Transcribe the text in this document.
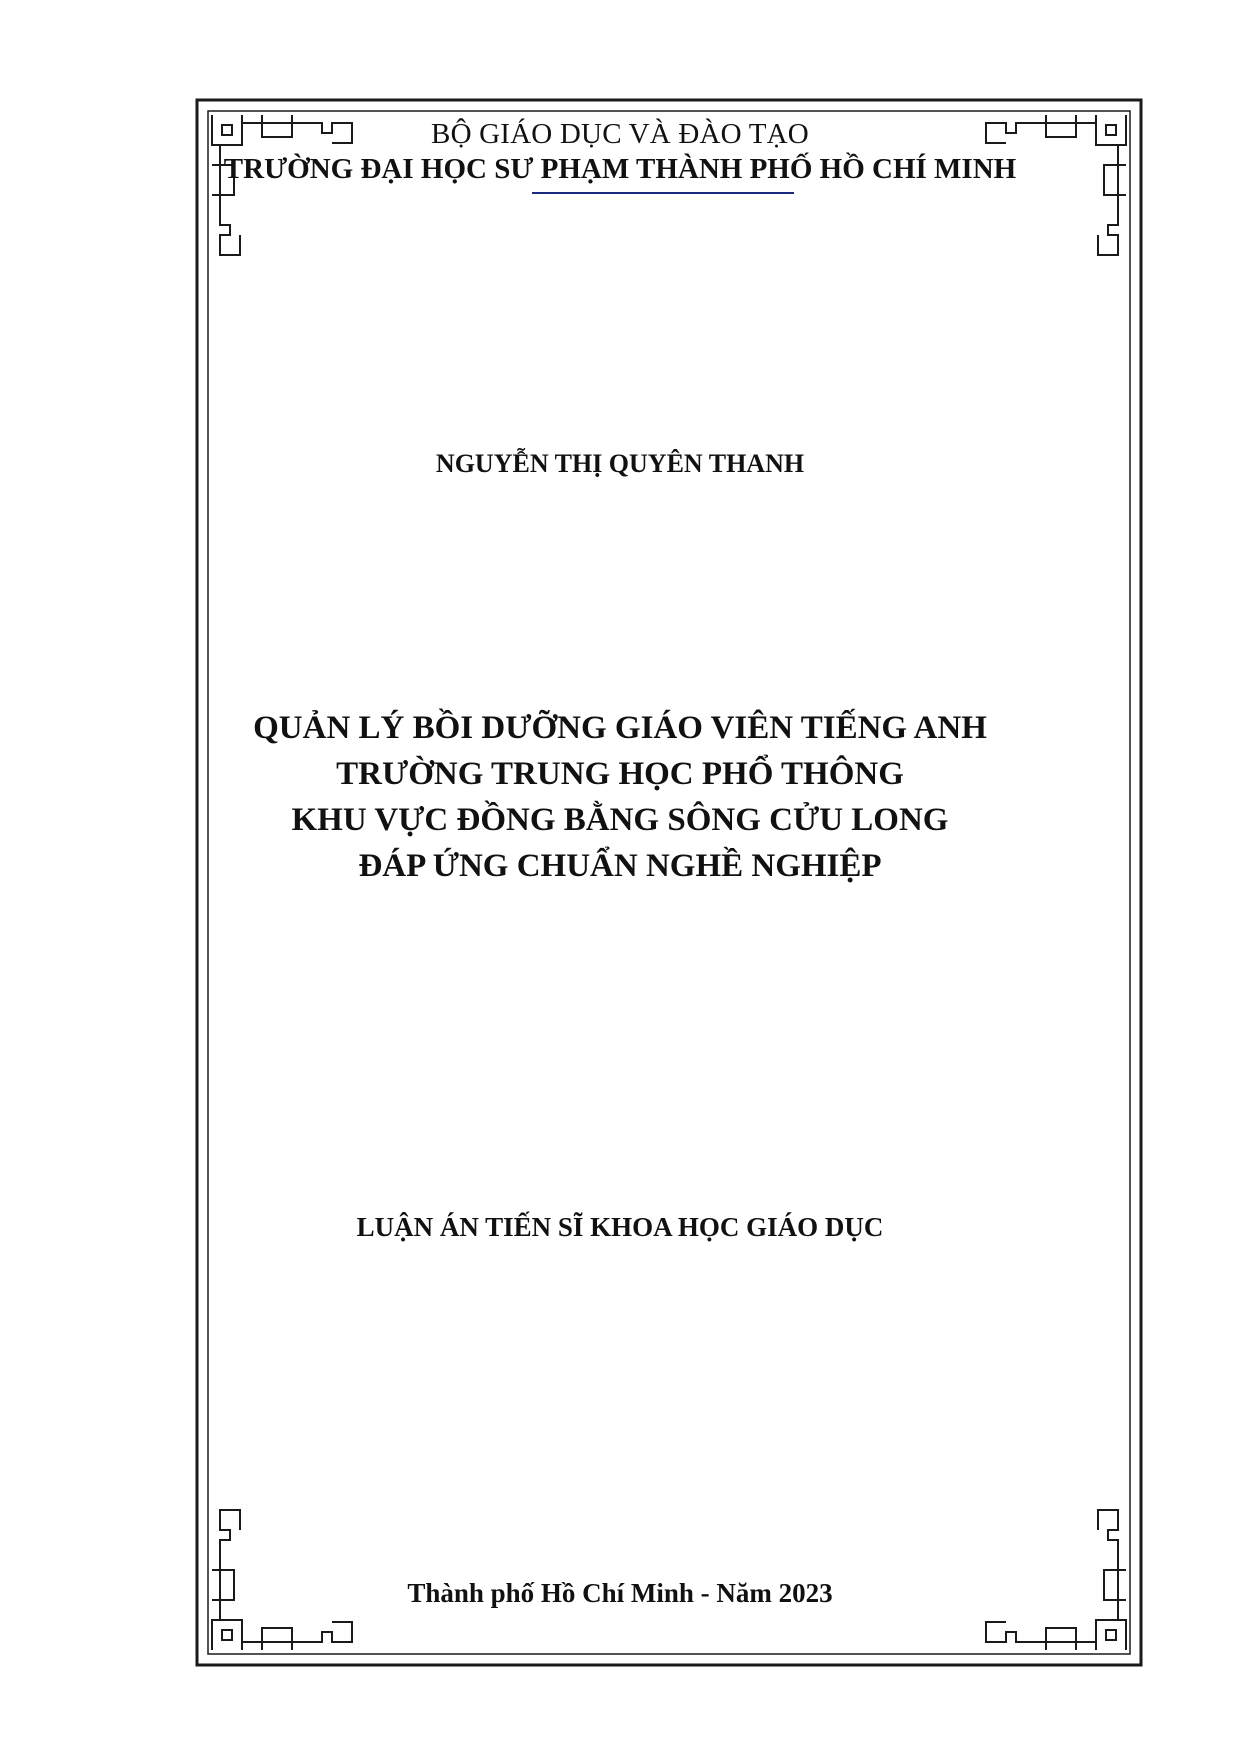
BỘ GIÁO DỤC VÀ ĐÀO TẠO

TRƯỜNG ĐẠI HỌC SƯ PHẠM THÀNH PHỐ HỒ CHÍ MINH

NGUYỄN THỊ QUYÊN THANH

QUẢN LÝ BỒI DƯỠNG GIÁO VIÊN TIẾNG ANH
TRƯỜNG TRUNG HỌC PHỔ THÔNG
KHU VỰC ĐỒNG BẰNG SÔNG CỬU LONG
ĐÁP ỨNG CHUẨN NGHỀ NGHIỆP

LUẬN ÁN TIẾN SĨ KHOA HỌC GIÁO DỤC

Thành phố Hồ Chí Minh - Năm 2023
